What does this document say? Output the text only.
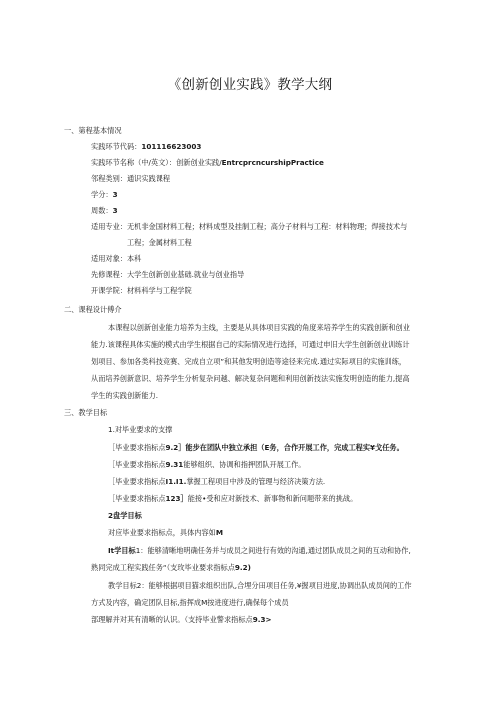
《创新创业实践》教学大纲
一、第程基本情况
实践环节代码：101116623003
实践环节名称（中/英文）：创新创业实践/EntrcprcncurshipPractice
邻程类别：通识实践课程
学分：3
周数：3
适用专业：无机非金国材料工程；材料成型及挂制工程；高分子材料与工程：材料物理；焊接技术与
工程；金属材料工程
适用对象：本科
先修课程：大学生创新创业基础.就业与创业指导
开课学院：材料科学与工程学院
二、课程设计傅介
本课程以创新创业能力培养为主线，主要是从具体项目实践的角度来培养学生的实践创新和创业
能力.该课程具体实施的模式由学生根据自己的实际情况进行选择，可通过申旧大学生创新创业训练计
划项目、参加各类科技竞赛、完成自立项”和其他发明创造等途径来完成.通过实际项目的实施训练，
从而培养创新意识、培养学生分析复杂问越、解决复杂问题和利用创新技法实施发明创造的能力,提高
学生的实践创新能力.
三、教学目标
1.对毕业要求的支撑
［毕业要求指标点9.2］能步在团队中独立承担（E务，合作开展工作，完成工程实¥戈任务。
［毕业要求指标点9.31能够组织、协调和指押团队开展工作。
［毕业要求指标点I1.I1.掌握工程项目中涉及的管理与经济决策方法.
［毕业要求指标点123］能接•受和应对新技术、新事物和新问题带来的挑战。
2盘学目标
对应毕业要求指标点，具体内容如M
It学目标1：能够清晰地明确任务并与成员之间进行有效的沟通,通过团队成员之间的互动和协作,
熟同完成工程实践任务“（支玫毕业要求指标点9.2)
教学目标2：能够根据项目猫求组织出队,合埋分田项目任务,¥握项目进度,协调出队成员间的工作
方式及内容，确定团队目标,指挥成M按进度进行,确保每个成员
部理解并对其有清晰的认识。（支持毕业警求指标点9.3>
